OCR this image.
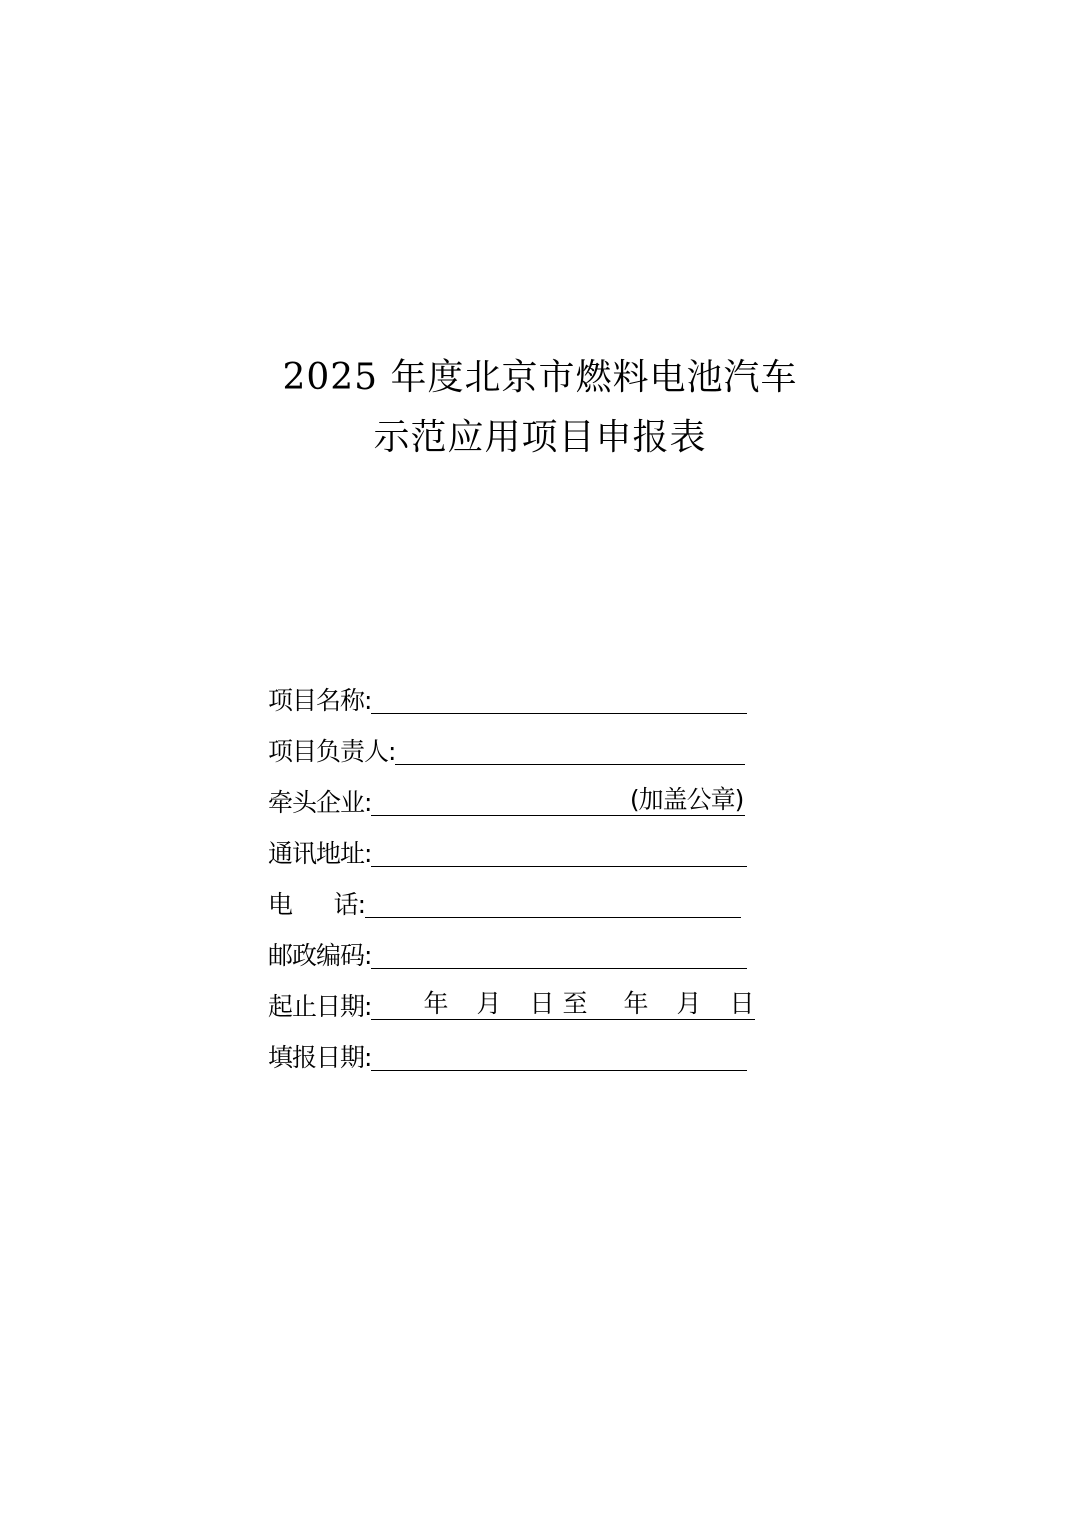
2025 年度北京市燃料电池汽车
示范应用项目申报表
项目名称:
项目负责人:
牵头企业:	(加盖公章)
通讯地址:
电      话:
邮政编码:
起止日期: 年 月 日 至 年 月 日
填报日期:
